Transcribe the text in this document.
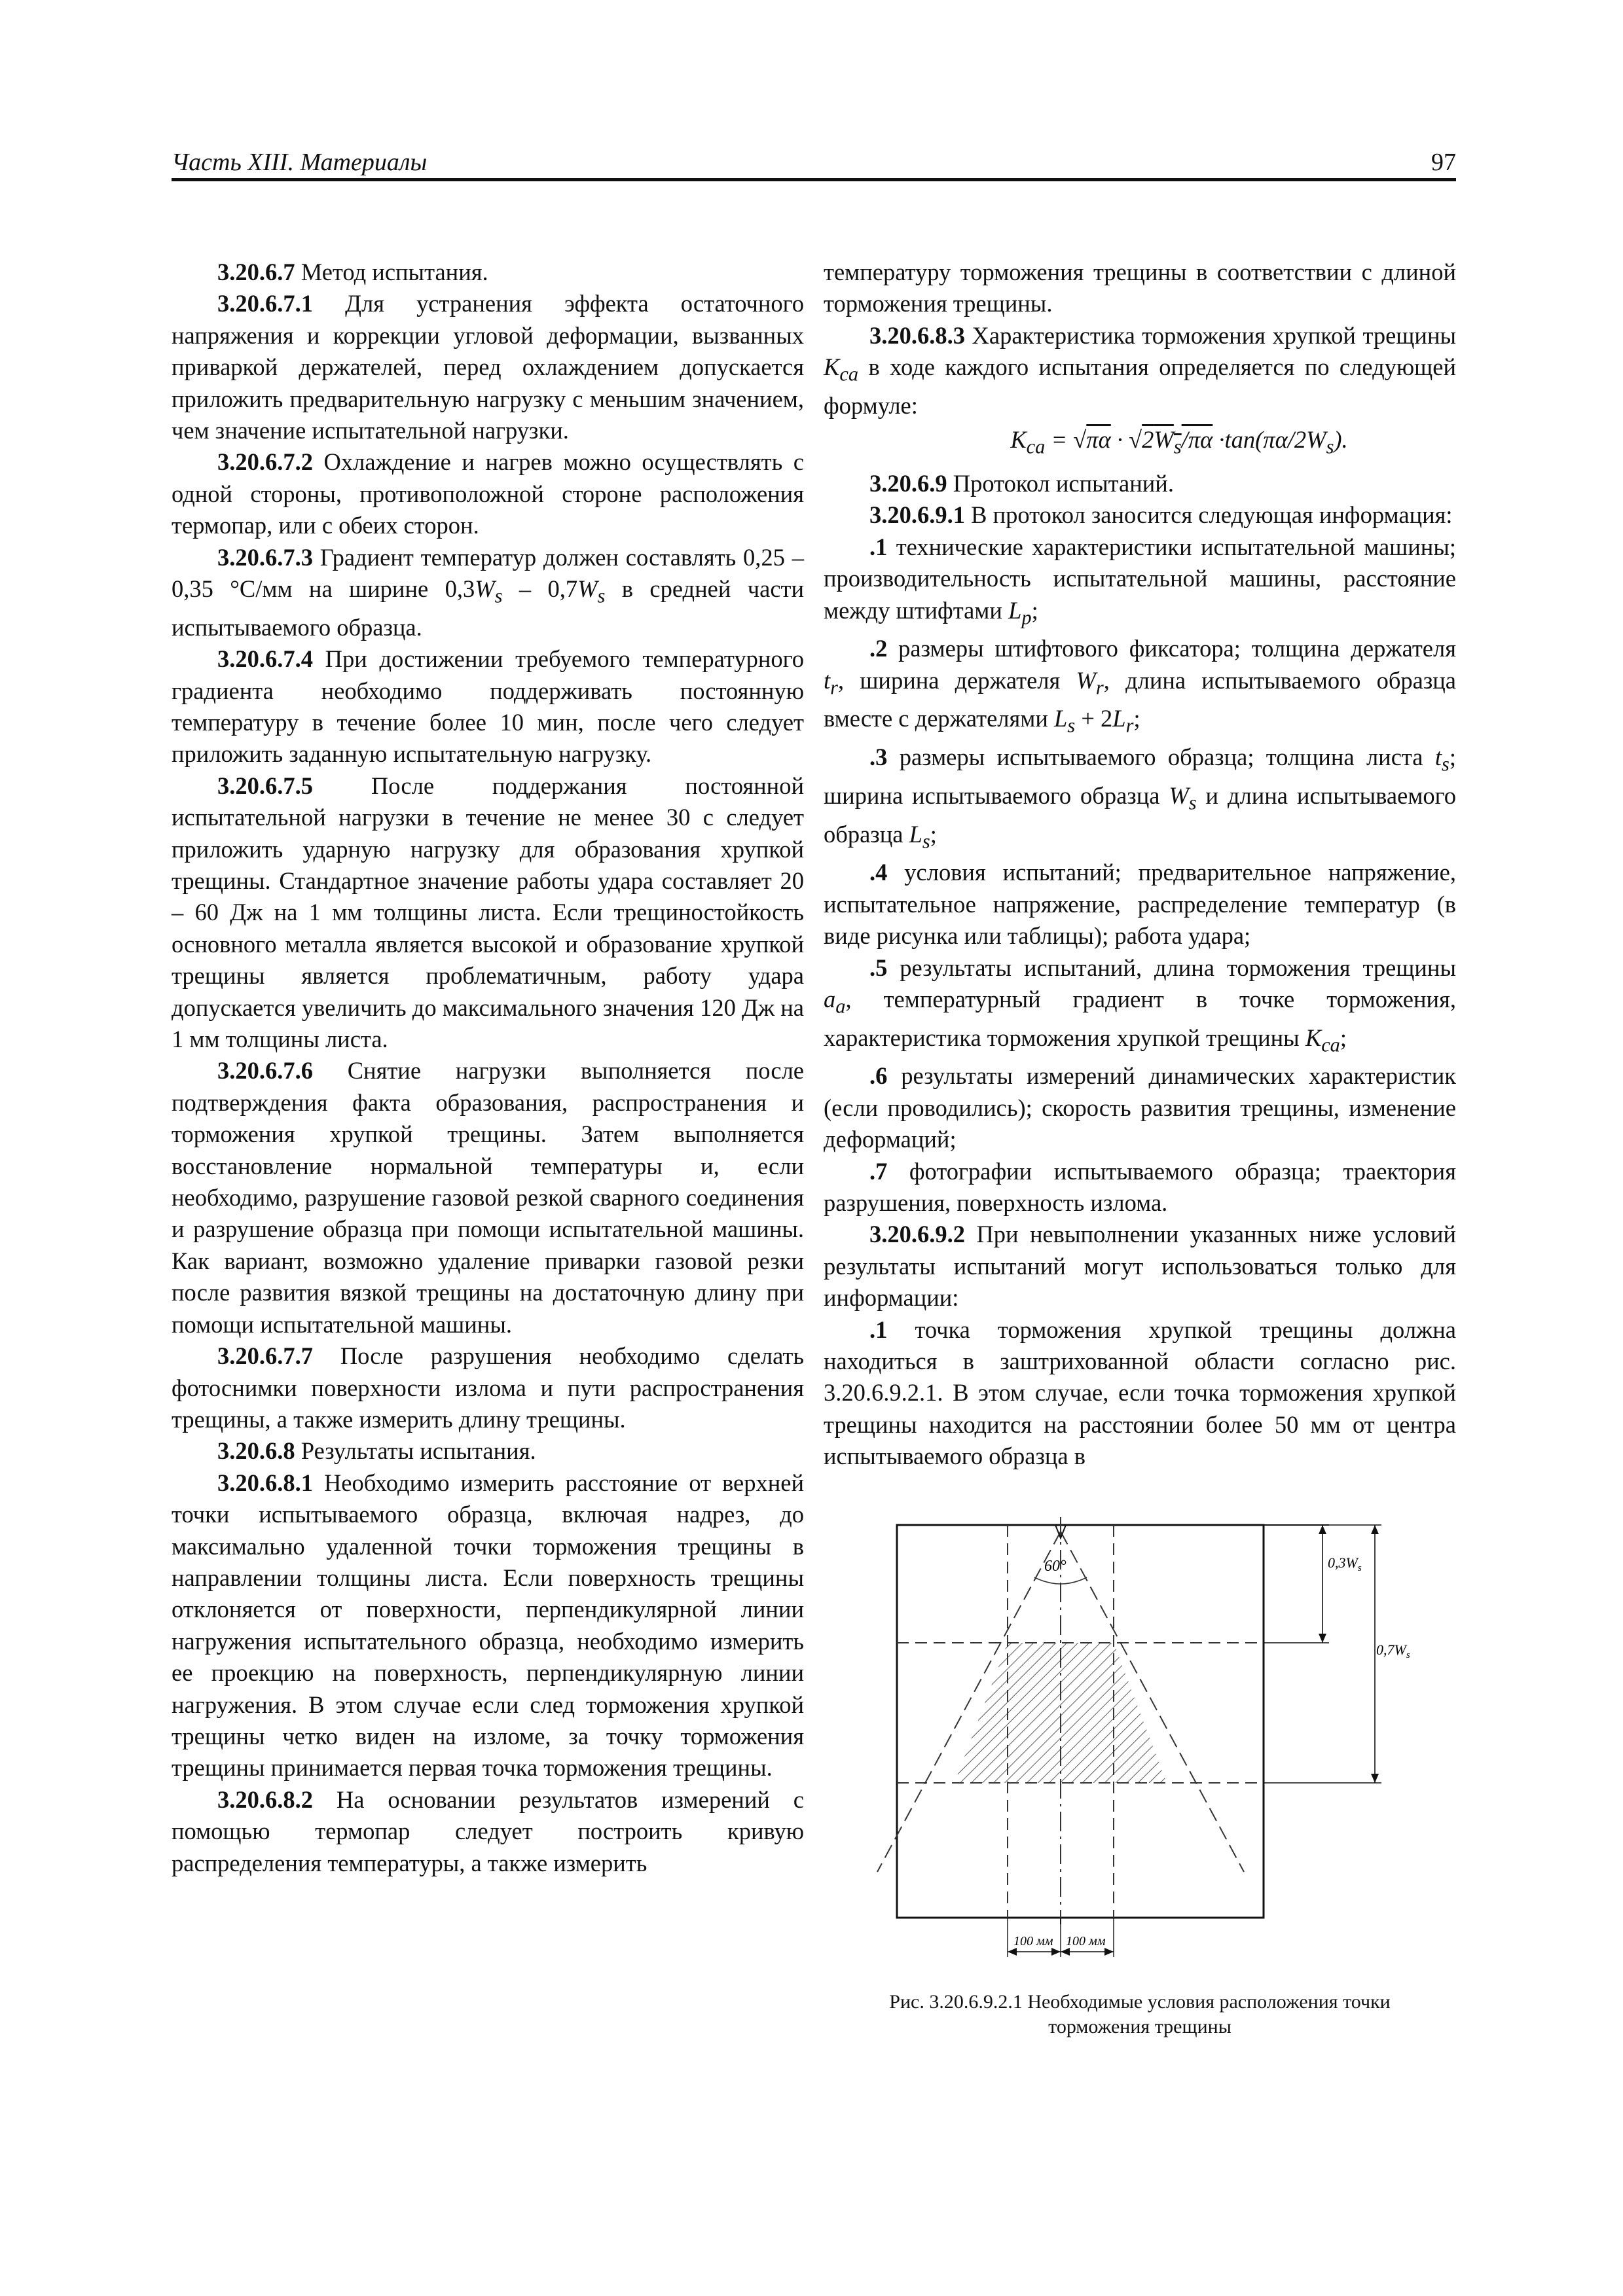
Часть XIII. Материалы	97

3.20.6.7 Метод испытания.

3.20.6.7.1 Для устранения эффекта остаточного напряжения и коррекции угловой деформации, вызванных приваркой держателей, перед охлаждением допускается приложить предварительную нагрузку с меньшим значением, чем значение испытательной нагрузки.

3.20.6.7.2 Охлаждение и нагрев можно осуществлять с одной стороны, противоположной стороне расположения термопар, или с обеих сторон.

3.20.6.7.3 Градиент температур должен составлять 0,25 – 0,35 °С/мм на ширине $0,3W_s - 0,7W_s$ в средней части испытываемого образца.

3.20.6.7.4 При достижении требуемого температурного градиента необходимо поддерживать постоянную температуру в течение более 10 мин, после чего следует приложить заданную испытательную нагрузку.

3.20.6.7.5 После поддержания постоянной испытательной нагрузки в течение не менее 30 с следует приложить ударную нагрузку для образования хрупкой трещины. Стандартное значение работы удара составляет 20 – 60 Дж на 1 мм толщины листа. Если трещиностойкость основного металла является высокой и образование хрупкой трещины является проблематичным, работу удара допускается увеличить до максимального значения 120 Дж на 1 мм толщины листа.

3.20.6.7.6 Снятие нагрузки выполняется после подтверждения факта образования, распространения и торможения хрупкой трещины. Затем выполняется восстановление нормальной температуры и, если необходимо, разрушение газовой резкой сварного соединения и разрушение образца при помощи испытательной машины. Как вариант, возможно удаление приварки газовой резки после развития вязкой трещины на достаточную длину при помощи испытательной машины.

3.20.6.7.7 После разрушения необходимо сделать фотоснимки поверхности излома и пути распространения трещины, а также измерить длину трещины.

3.20.6.8 Результаты испытания.

3.20.6.8.1 Необходимо измерить расстояние от верхней точки испытываемого образца, включая надрез, до максимально удаленной точки торможения трещины в направлении толщины листа. Если поверхность трещины отклоняется от поверхности, перпендикулярной линии нагружения испытательного образца, необходимо измерить ее проекцию на поверхность, перпендикулярную линии нагружения. В этом случае если след торможения хрупкой трещины четко виден на изломе, за точку торможения трещины принимается первая точка торможения трещины.

3.20.6.8.2 На основании результатов измерений с помощью термопар следует построить кривую распределения температуры, а также измерить

температуру торможения трещины в соответствии с длиной торможения трещины.

3.20.6.8.3 Характеристика торможения хрупкой трещины $K_{ca}$ в ходе каждого испытания определяется по следующей формуле:

$K_{ca} = √\pi\alpha \cdot √2W_s/\pi\alpha \cdot\tan(\pi\alpha/2W_s)$.

3.20.6.9 Протокол испытаний.

3.20.6.9.1 В протокол заносится следующая информация:

.1 технические характеристики испытательной машины; производительность испытательной машины, расстояние между штифтами $L_p$;

.2 размеры штифтового фиксатора; толщина держателя $t_r$, ширина держателя $W_r$, длина испытываемого образца вместе с держателями $L_s + 2L_r$;

.3 размеры испытываемого образца; толщина листа $t_s$; ширина испытываемого образца $W_s$ и длина испытываемого образца $L_s$;

.4 условия испытаний; предварительное напряжение, испытательное напряжение, распределение температур (в виде рисунка или таблицы); работа удара;

.5 результаты испытаний, длина торможения трещины $a_a$, температурный градиент в точке торможения, характеристика торможения хрупкой трещины $K_{ca}$;

.6 результаты измерений динамических характеристик (если проводились); скорость развития трещины, изменение деформаций;

.7 фотографии испытываемого образца; траектория разрушения, поверхность излома.

3.20.6.9.2 При невыполнении указанных ниже условий результаты испытаний могут использоваться только для информации:

.1 точка торможения хрупкой трещины должна находиться в заштрихованной области согласно рис. 3.20.6.9.2.1. В этом случае, если точка торможения хрупкой трещины находится на расстоянии более 50 мм от центра испытываемого образца в

60°	$0,3W_s$
$0,7W_s$
100 мм 100 мм
Рис. 3.20.6.9.2.1 Необходимые условия расположения точки
торможения трещины
